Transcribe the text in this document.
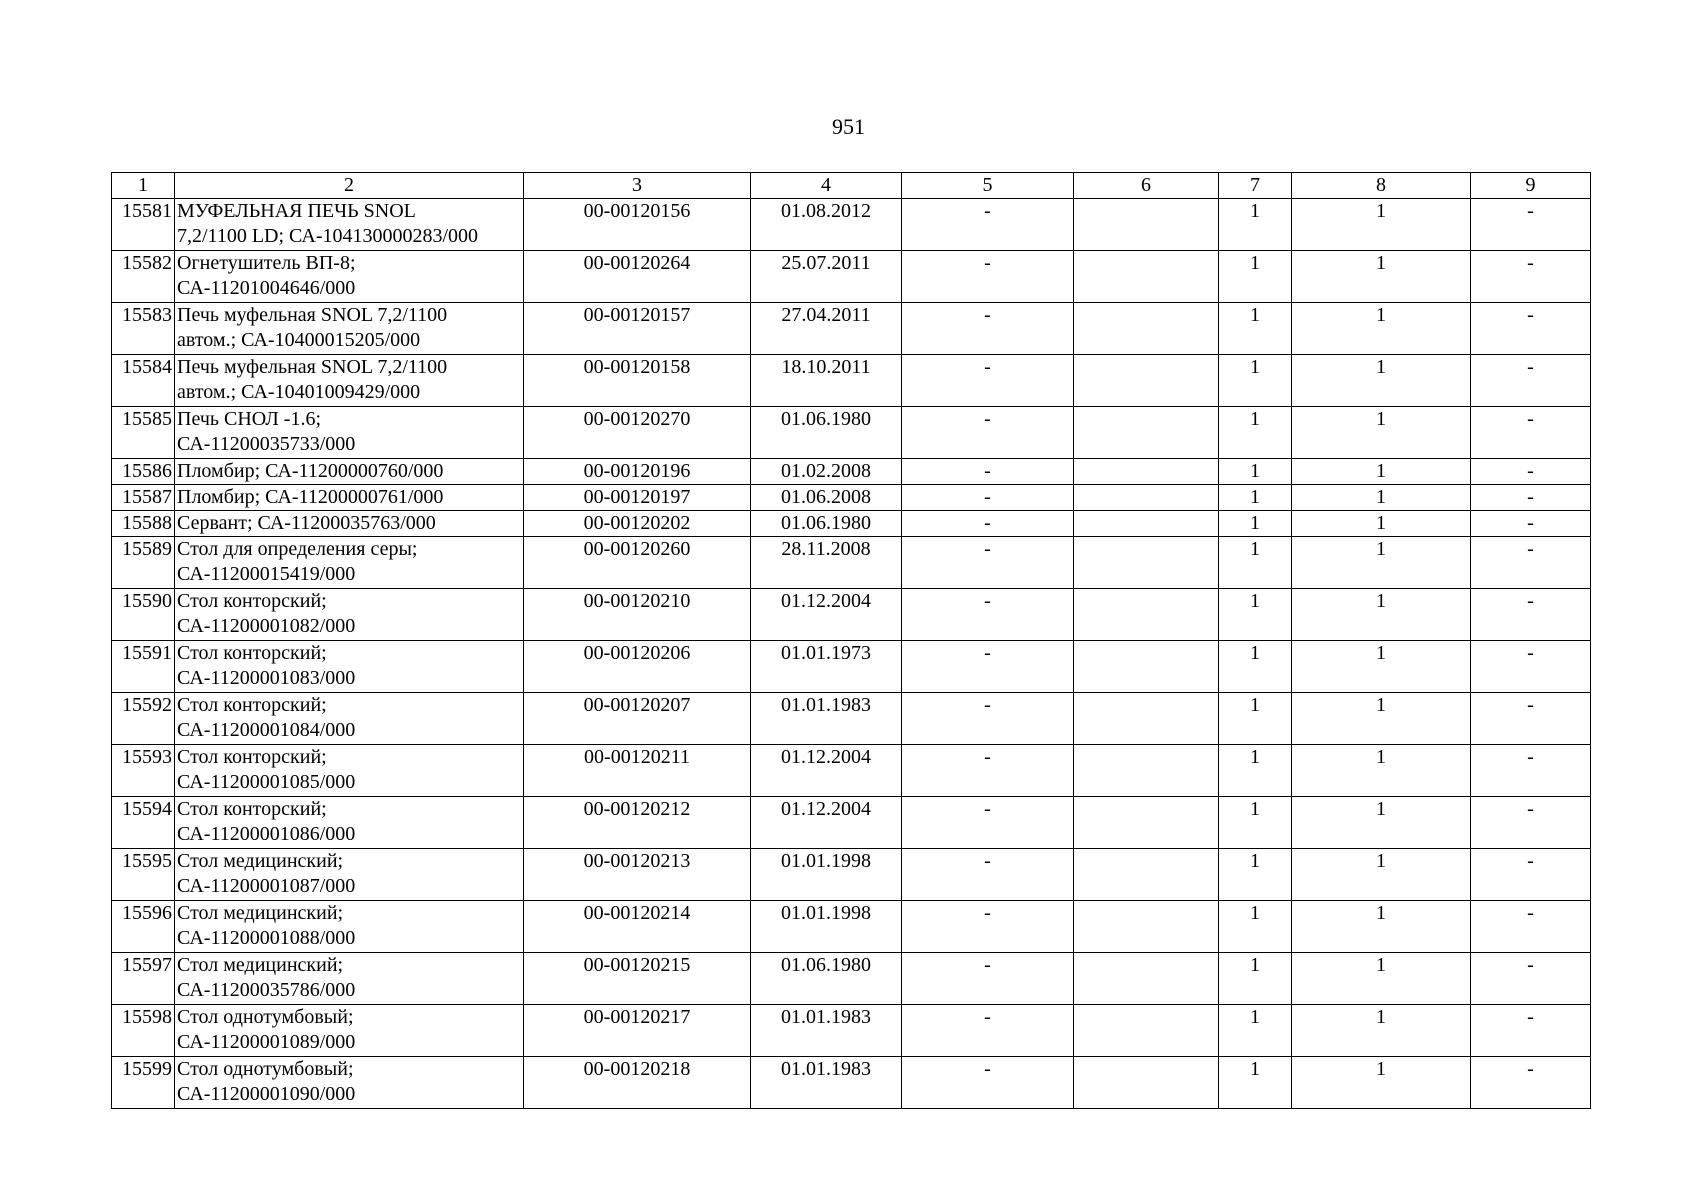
951
1	2	3	4	5	6	7	8	9
15581	МУФЕЛЬНАЯ ПЕЧЬ SNOL
7,2/1100 LD; СА-104130000283/000	00-00120156	01.08.2012	-		1	1	-
15582	Огнетушитель ВП-8;
СА-11201004646/000	00-00120264	25.07.2011	-		1	1	-
15583	Печь муфельная SNOL 7,2/1100
автом.; СА-10400015205/000	00-00120157	27.04.2011	-		1	1	-
15584	Печь муфельная SNOL 7,2/1100
автом.; СА-10401009429/000	00-00120158	18.10.2011	-		1	1	-
15585	Печь СНОЛ -1.6;
СА-11200035733/000	00-00120270	01.06.1980	-		1	1	-
15586	Пломбир; СА-11200000760/000	00-00120196	01.02.2008	-		1	1	-
15587	Пломбир; СА-11200000761/000	00-00120197	01.06.2008	-		1	1	-
15588	Сервант; СА-11200035763/000	00-00120202	01.06.1980	-		1	1	-
15589	Стол для определения серы;
СА-11200015419/000	00-00120260	28.11.2008	-		1	1	-
15590	Стол конторский;
СА-11200001082/000	00-00120210	01.12.2004	-		1	1	-
15591	Стол конторский;
СА-11200001083/000	00-00120206	01.01.1973	-		1	1	-
15592	Стол конторский;
СА-11200001084/000	00-00120207	01.01.1983	-		1	1	-
15593	Стол конторский;
СА-11200001085/000	00-00120211	01.12.2004	-		1	1	-
15594	Стол конторский;
СА-11200001086/000	00-00120212	01.12.2004	-		1	1	-
15595	Стол медицинский;
СА-11200001087/000	00-00120213	01.01.1998	-		1	1	-
15596	Стол медицинский;
СА-11200001088/000	00-00120214	01.01.1998	-		1	1	-
15597	Стол медицинский;
СА-11200035786/000	00-00120215	01.06.1980	-		1	1	-
15598	Стол однотумбовый;
СА-11200001089/000	00-00120217	01.01.1983	-		1	1	-
15599	Стол однотумбовый;
СА-11200001090/000	00-00120218	01.01.1983	-		1	1	-
